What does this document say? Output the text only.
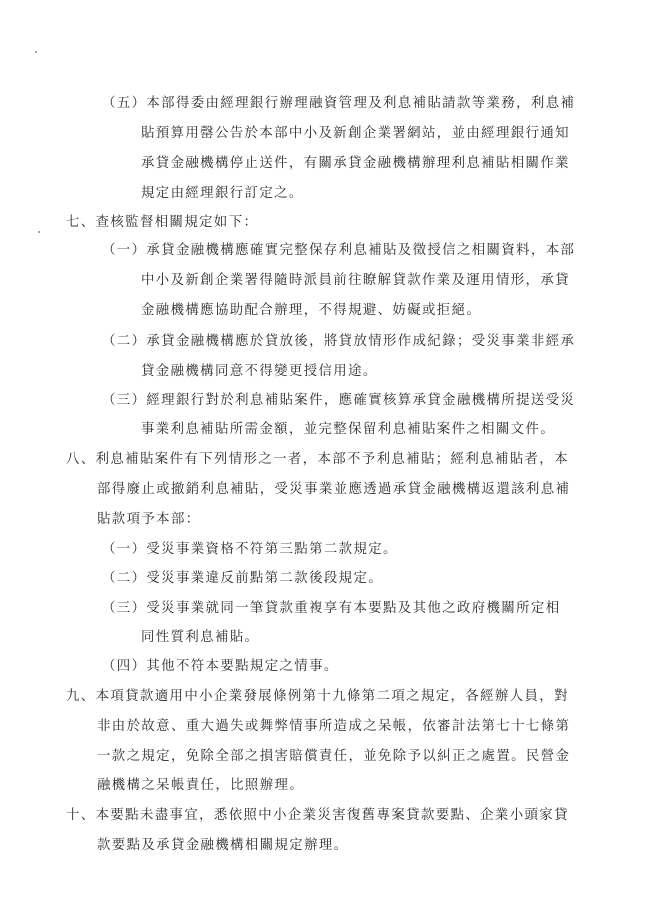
（五）本部得委由經理銀行辦理融資管理及利息補貼請款等業務，利息補
貼預算用罄公告於本部中小及新創企業署網站，並由經理銀行通知
承貸金融機構停止送件，有關承貸金融機構辦理利息補貼相關作業
規定由經理銀行訂定之。
七、查核監督相關規定如下：
（一）承貸金融機構應確實完整保存利息補貼及徵授信之相關資料，本部
中小及新創企業署得隨時派員前往瞭解貸款作業及運用情形，承貸
金融機構應協助配合辦理，不得規避、妨礙或拒絕。
（二）承貸金融機構應於貸放後，將貸放情形作成紀錄；受災事業非經承
貸金融機構同意不得變更授信用途。
（三）經理銀行對於利息補貼案件，應確實核算承貸金融機構所提送受災
事業利息補貼所需金額，並完整保留利息補貼案件之相關文件。
八、利息補貼案件有下列情形之一者，本部不予利息補貼；經利息補貼者，本
部得廢止或撤銷利息補貼，受災事業並應透過承貸金融機構返還該利息補
貼款項予本部：
（一）受災事業資格不符第三點第二款規定。
（二）受災事業違反前點第二款後段規定。
（三）受災事業就同一筆貸款重複享有本要點及其他之政府機關所定相
同性質利息補貼。
（四）其他不符本要點規定之情事。
九、本項貸款適用中小企業發展條例第十九條第二項之規定，各經辦人員，對
非由於故意、重大過失或舞弊情事所造成之呆帳，依審計法第七十七條第
一款之規定，免除全部之損害賠償責任，並免除予以糾正之處置。民營金
融機構之呆帳責任，比照辦理。
十、本要點未盡事宜，悉依照中小企業災害復舊專案貸款要點、企業小頭家貸
款要點及承貸金融機構相關規定辦理。
